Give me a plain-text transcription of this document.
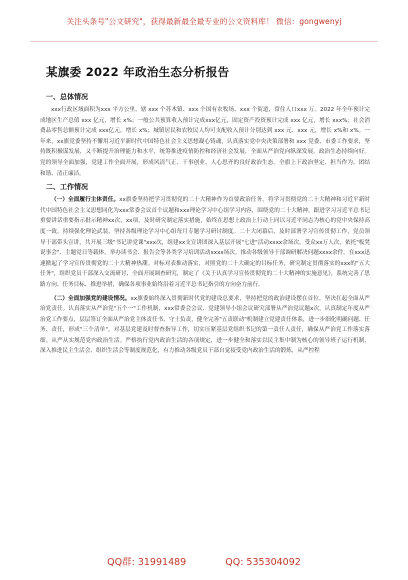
关注头条号"公文研究"，获得最新最全最专业的公文资料库！ 微信：gongwenyj
某旗委 2022 年政治生态分析报告
一、总体情况

xxx行政区域面积为xxx 平方公里，辖 xxx 个苏木镇、xxx 个国有农牧场、xxx 个街道，常住人口xxx 万。2022 年全年预计完成地区生产总值 xxx 亿元，增长 x%；一般公共预算收入预计完成xxx亿元，固定资产投资预计完成 xxx 亿元，增长 xxx%；社会消费品零售总额预计完成 xxx亿元，增长 x%；城镇居民和农牧民人均可支配收入预计分别达到 xxx 元、xxx 元，增长 x%和 x%。一年来，xx旗党委坚持不懈用习近平新时代中国特色社会主义思想凝心铸魂，认真落实党中央决策部署和 xxx 党委、市委工作要求，坚持既积极谋发展，又不断提升治理能力和水平，统筹推进疫情防控和经济社会发展，全面从严治党向纵深发展，政治生态持续向好。党的领导全面加强，党建工作全面开展，形成风清气正、干事创业、人心思齐的良好政治生态。全旗上下政治坚定、担当作为、团结和谐、清正廉洁。

二、工作情况

（一）全面履行主体责任。xx旗委坚持把学习贯彻党的二十大精神作为首要政治任务，将学习贯彻党的二十大精神和习近平新时代中国特色社会主义思想同化为xxx常委会议首个议题和xxx理论学习中心组学习内容，围绕党的二十大精神，跟进学习习近平总书记重要讲话重要指示批示精神xx次，xx项，及时研究制定落实措施，始终在思想上政治上行动上同以习近平同志为核心的党中央保持高度一致。持续强化理论武装，坚持各级理论学习中心组每月专题学习研讨制度。二十大闭幕后，及时部署学习宣传贯彻工作，党员领导干部带头宣讲，共开展三级"书记讲党课"xxx次，组建xx支宣讲团深入基层开展"七进"活动xxxx余场次，受众xx万人次，依托"板凳说事会"、主题党日等载体，举办读书会、报告会等各类学习培训活动xxxx场次。推动各级领导干部调研解决问题xxxx余件。在xxx迅速掀起了学习宣传贯彻党的二十大精神热潮。对标对表推动落实，对照党的二十大确定的目标任务，研究制定贯彻落实的xxx的"五大任务"，组织党员干部深入交流研讨，全面开展调查研究，制定了《关于认真学习宣传贯彻党的二十大精神的实施意见》，系统完善了思路方向、任务目标、推进举措，确保各项事业始终沿着习近平总书记指引的方向奋力前行。

（二）全面加强党的建设情况。xx旗委始终深入贯彻新时代党的建设总要求，坚持把党的政治建设摆在首位。坚决扛起全面从严治党责任。认真落实从严治党"五个一"工作机制，xxx常委会会议、党建领导小组会议研究部署从严治党议题x次，认真制定年度从严治党工作要点，层层签订全面从严治党主体责任书、守土负责，健全完善"五责联动"机制建立党建责任体系，进一步细化明确问题、任务、责任，形成"三个清单"，对基层党建及时督查指导工作，切实压紧基层党组织书记的第一责任人责任，确保从严治党工作落实落细。从严从实规范党内政治生活。严格执行党内政治生活的各项规定，进一步健全和落实以民主集中制为核心的领导班子运行机制，深入推进民主生活会、组织生活会等制度规范化，有力推动各级党员干部自觉接受党内政治生活的锻炼，从严控程

QQ群: 31991489	QQ: 535304092
